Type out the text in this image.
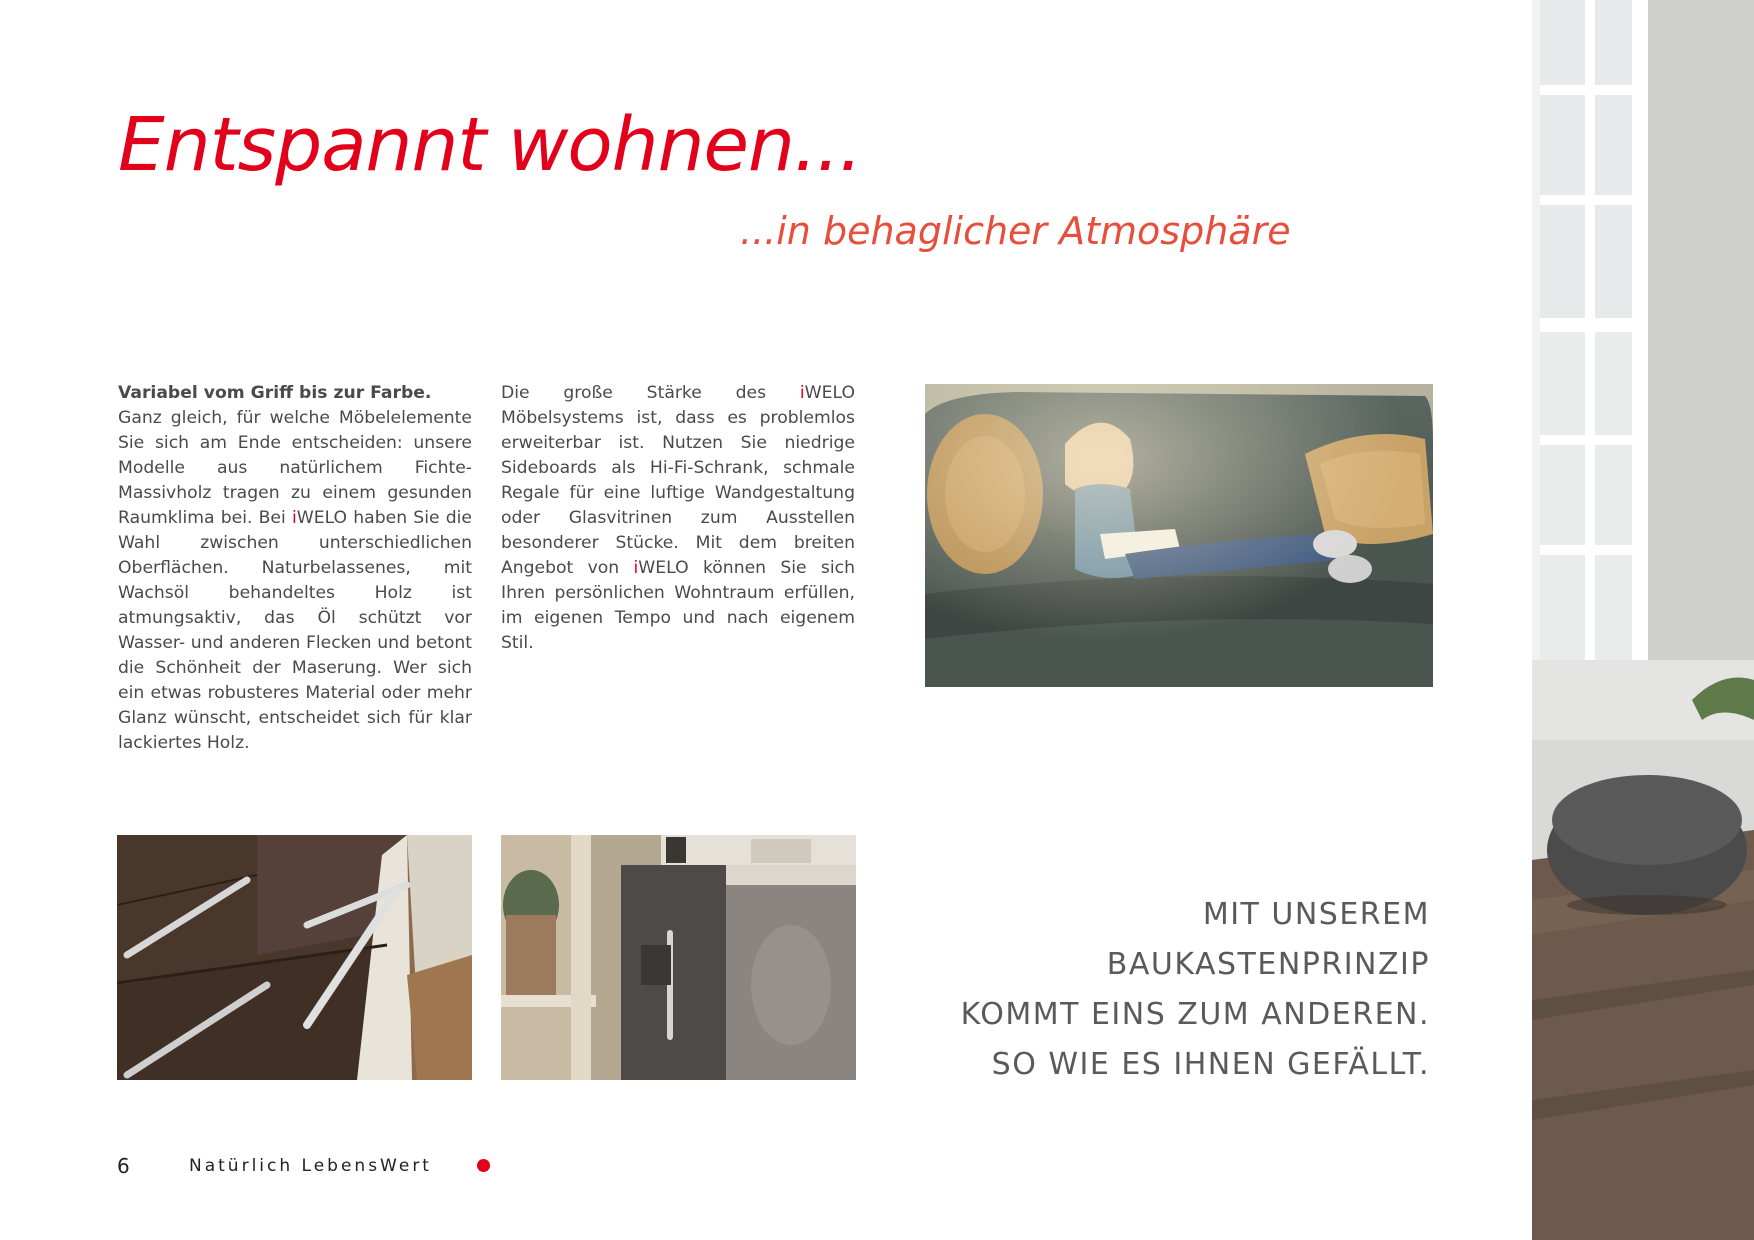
Entspannt wohnen...
...in behaglicher Atmosphäre

Variabel vom Griff bis zur Farbe.
Ganz gleich, für welche Möbelelemente Sie sich am Ende entscheiden: unsere Modelle aus natürlichem Fichte-Massivholz tragen zu einem gesunden Raumklima bei. Bei iWELO haben Sie die Wahl zwischen unterschiedlichen Oberflächen. Naturbelassenes, mit Wachsöl behandeltes Holz ist atmungsaktiv, das Öl schützt vor Wasser- und anderen Flecken und betont die Schönheit der Maserung. Wer sich ein etwas robusteres Material oder mehr Glanz wünscht, entscheidet sich für klar lackiertes Holz.

Die große Stärke des iWELO Möbelsystems ist, dass es problemlos erweiterbar ist. Nutzen Sie niedrige Sideboards als Hi-Fi-Schrank, schmale Regale für eine luftige Wandgestaltung oder Glasvitrinen zum Ausstellen besonderer Stücke. Mit dem breiten Angebot von iWELO können Sie sich Ihren persönlichen Wohntraum erfüllen, im eigenen Tempo und nach eigenem Stil.

MIT UNSEREM
BAUKASTENPRINZIP
KOMMT EINS ZUM ANDEREN.
SO WIE ES IHNEN GEFÄLLT.
6	Natürlich LebensWert
